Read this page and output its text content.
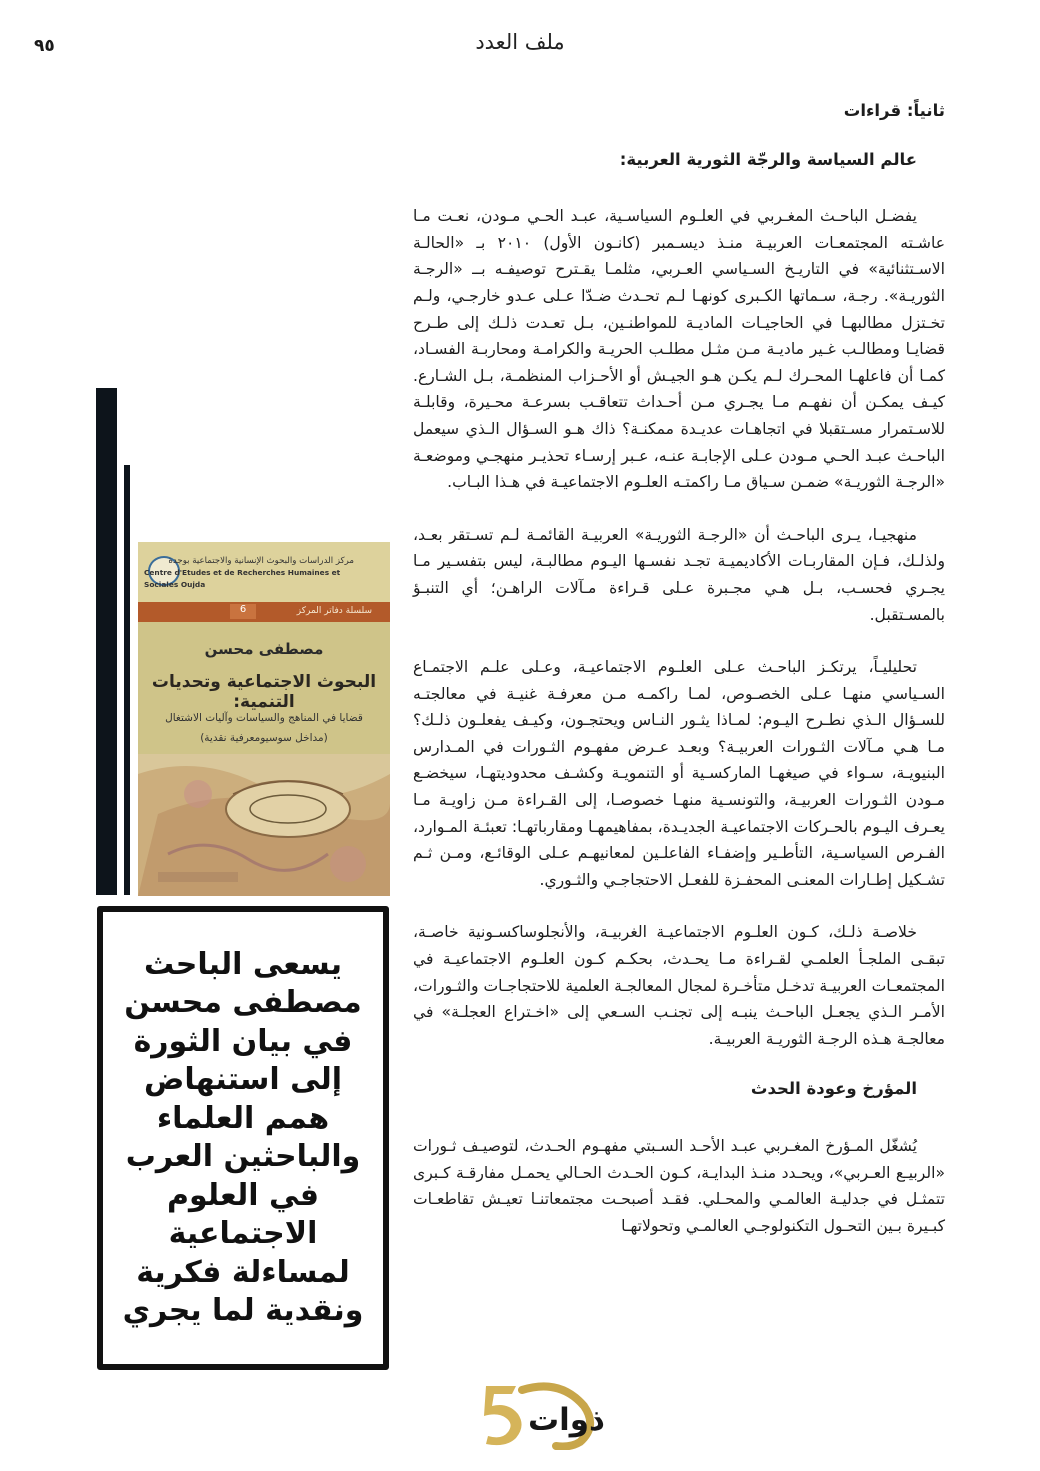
٩٥	ملف العدد
ثانياً: قراءات
عالم السياسة والرجّة الثورية العربية:

يفضـل الباحـث المغـربي في العلـوم السياسـية، عبـد الحـي مـودن، نعـت مـا عاشـته المجتمعـات العربيـة منـذ ديسـمبر (كانـون الأول) ٢٠١٠ بـ «الحالـة الاسـتثنائية» في التاريـخ السـياسي العـربي، مثلمـا يقـترح توصيفـه بــ «الرجـة الثوريـة». رجـة، سـماتها الكـبرى كونهـا لـم تحـدث ضـدّا عـلى عـدو خارجـي، ولـم تخـتزل مطالبهـا في الحاجيـات الماديـة للمواطنـين، بـل تعـدت ذلـك إلى طـرح قضايـا ومطالـب غـير ماديـة مـن مثـل مطلـب الحريـة والكرامـة ومحاربـة الفسـاد، كمـا أن فاعلهـا المحـرك لـم يكـن هـو الجيـش أو الأحـزاب المنظمـة، بـل الشـارع. كيـف يمكـن أن نفهـم مـا يجـري مـن أحـداث تتعاقـب بسرعـة محـيرة، وقابلـة للاسـتمرار مسـتقبلا في اتجاهـات عديـدة ممكنـة؟ ذاك هـو السـؤال الـذي سيعمل الباحـث عبـد الحـي مـودن عـلى الإجابـة عنـه، عـبر إرسـاء تحذيـر منهجـي وموضعـة «الرجـة الثوريـة» ضمـن سـياق مـا راكمتـه العلـوم الاجتماعيـة في هـذا البـاب.

منهجيـا، يـرى الباحـث أن «الرجـة الثوريـة» العربيـة القائمـة لـم تسـتقر بعـد، ولذلـك، فـإن المقاربـات الأكاديميـة تجـد نفسـها اليـوم مطالبـة، ليس بتفسـير مـا يجـري فحسـب، بـل هـي مجـبرة عـلى قـراءة مـآلات الراهـن؛ أي التنبـؤ بالمسـتقبل.

تحليليـاً، يرتكـز الباحـث عـلى العلـوم الاجتماعيـة، وعـلى علـم الاجتمـاع السـياسي منهـا عـلى الخصـوص، لمـا راكمـه مـن معرفـة غنيـة في معالجتـه للسـؤال الـذي نطـرح اليـوم: لمـاذا يثـور النـاس ويحتجـون، وكيـف يفعلـون ذلـك؟ مـا هـي مـآلات الثـورات العربيـة؟ وبعـد عـرض مفهـوم الثـورات في المـدارس البنيويـة، سـواء في صيغهـا الماركسـية أو التنمويـة وكشـف محدوديتهـا، سيخضـع مـودن الثـورات العربيـة، والتونسـية منهـا خصوصـا، إلى القـراءة مـن زاويـة مـا يعـرف اليـوم بالحـركات الاجتماعيـة الجديـدة، بمفاهيمهـا ومقارباتهـا: تعبئـة المـوارد، الفـرص السياسـية، التأطـير وإضفـاء الفاعلـين لمعانيهـم عـلى الوقائـع، ومـن ثـم تشـكيل إطـارات المعنـى المحفـزة للفعـل الاحتجاجـي والثـوري.

خلاصـة ذلـك، كـون العلـوم الاجتماعيـة الغربيـة، والأنجلوساكسـونية خاصـة، تبقـى الملجـأ العلمـي لقـراءة مـا يحـدث، بحكـم كـون العلـوم الاجتماعيـة في المجتمعـات العربيـة تدخـل متأخـرة لمجال المعالجـة العلمية للاحتجاجـات والثـورات، الأمـر الـذي يجعـل الباحـث ينبـه إلى تجنـب السـعي إلى «اخـتراع العجلـة» في معالجـة هـذه الرجـة الثوريـة العربيـة.

المؤرخ وعودة الحدث

يُشغّل المـؤرخ المغـربي عبـد الأحـد السـبتي مفهـوم الحـدث، لتوصيـف ثـورات «الربيـع العـربي»، ويحـدد منـذ البدايـة، كـون الحـدث الحـالي يحمـل مفارقـة كـبرى تتمثـل في جدليـة العالمـي والمحـلي. فقـد أصبحـت مجتمعاتنـا تعيـش تقاطعـات كبـيرة بـين التحـول التكنولوجـي العالمـي وتحولاتهـا

مركز الدراسات والبحوث الإنسانية والاجتماعية بوجدة
Centre d'Etudes et de Recherches Humaines et Sociales Oujda
سلسلة دفاتر المركز
6
مصطفى محسن
البحوث الاجتماعية وتحديات التنمية:
قضايا في المناهج والسياسات وآليات الاشتغال
(مداخل سوسيومعرفية نقدية)

يسعى الباحث مصطفى محسن في بيان الثورة إلى استنهاض همم العلماء والباحثين العرب في العلوم الاجتماعية لمساءلة فكرية ونقدية لما يجري

ذوات
